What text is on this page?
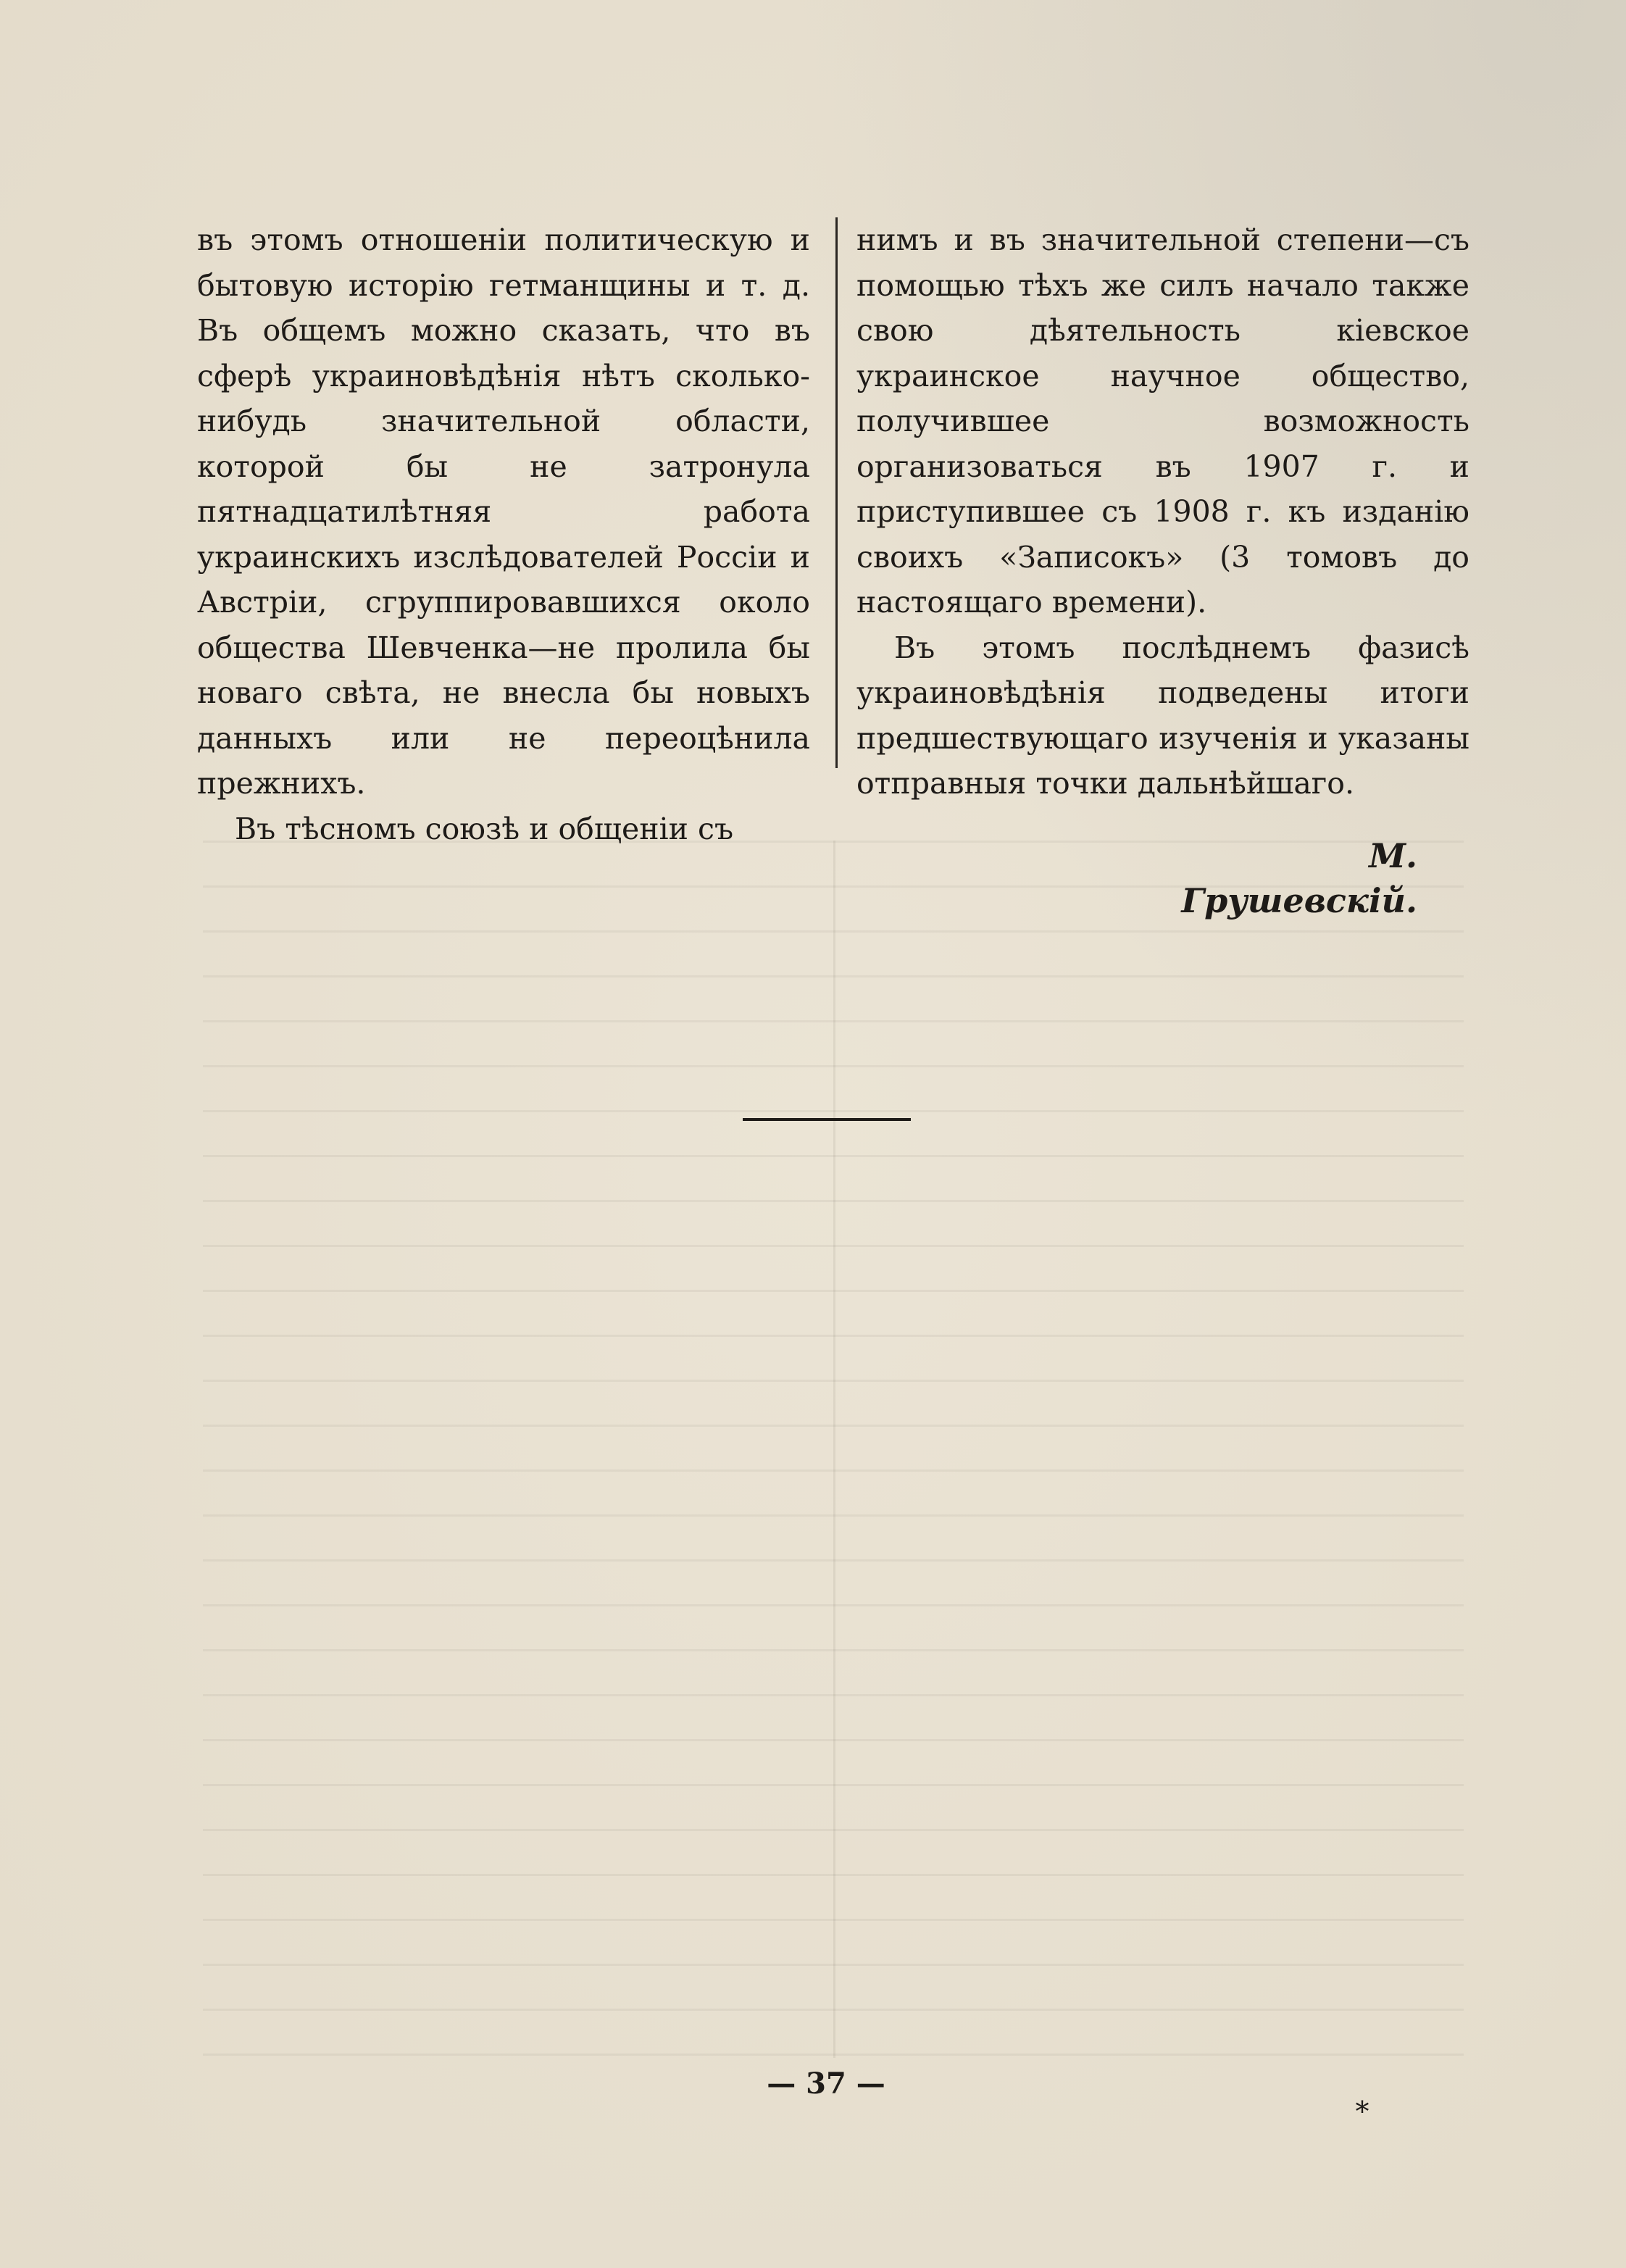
въ этомъ отношеніи политическую и бытовую исторію гетманщины и т. д. Въ общемъ можно сказать, что въ сферѣ украиновѣдѣнія нѣтъ сколько-нибудь значительной области, которой бы не затронула пятнадцатилѣтняя работа украинскихъ изслѣдователей Россіи и Австріи, сгруппировавшихся около общества Шевченка—не пролила бы новаго свѣта, не внесла бы новыхъ данныхъ или не переоцѣнила прежнихъ.

Въ тѣсномъ союзѣ и общеніи съ

нимъ и въ значительной степени—съ помощью тѣхъ же силъ начало также свою дѣятельность кіевское украинское научное общество, получившее возможность организоваться въ 1907 г. и приступившее съ 1908 г. къ изданію своихъ «Записокъ» (3 томовъ до настоящаго времени).

Въ этомъ послѣднемъ фазисѣ украиновѣдѣнія подведены итоги предшествующаго изученія и указаны отправныя точки дальнѣйшаго.

М. Грушевскій.
— 37 —
*
